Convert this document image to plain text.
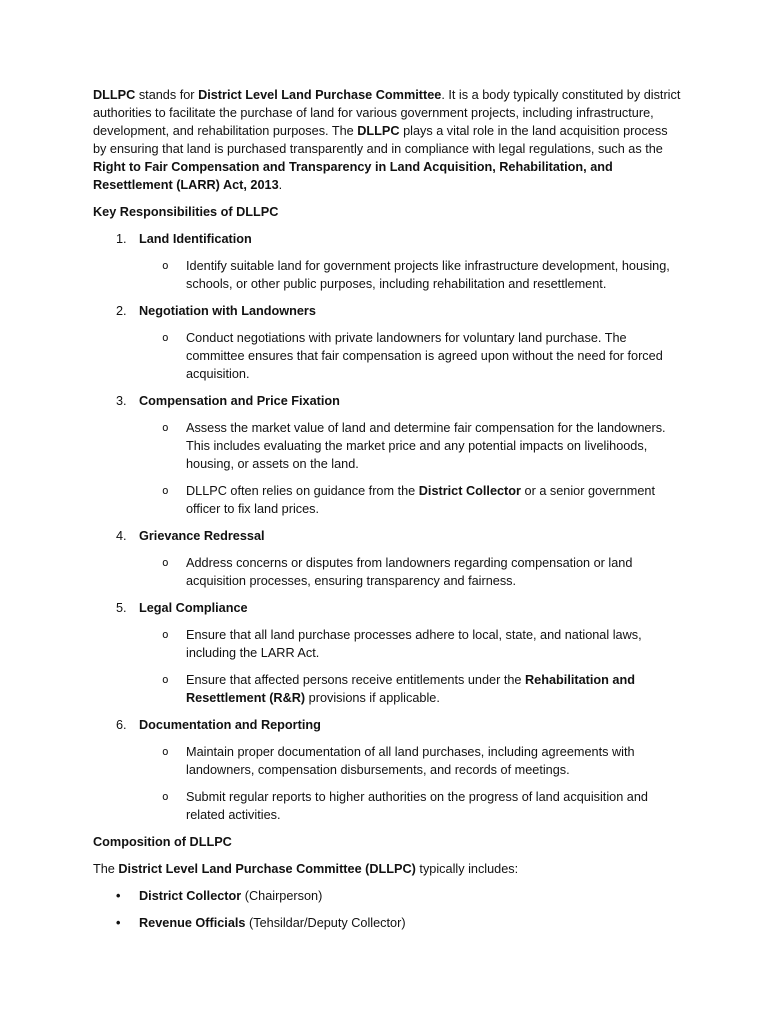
DLLPC stands for District Level Land Purchase Committee. It is a body typically constituted by district authorities to facilitate the purchase of land for various government projects, including infrastructure, development, and rehabilitation purposes. The DLLPC plays a vital role in the land acquisition process by ensuring that land is purchased transparently and in compliance with legal regulations, such as the Right to Fair Compensation and Transparency in Land Acquisition, Rehabilitation, and Resettlement (LARR) Act, 2013.

Key Responsibilities of DLLPC

1. Land Identification

o Identify suitable land for government projects like infrastructure development, housing, schools, or other public purposes, including rehabilitation and resettlement.

2. Negotiation with Landowners

o Conduct negotiations with private landowners for voluntary land purchase. The committee ensures that fair compensation is agreed upon without the need for forced acquisition.

3. Compensation and Price Fixation

o Assess the market value of land and determine fair compensation for the landowners. This includes evaluating the market price and any potential impacts on livelihoods, housing, or assets on the land.

o DLLPC often relies on guidance from the District Collector or a senior government officer to fix land prices.

4. Grievance Redressal

o Address concerns or disputes from landowners regarding compensation or land acquisition processes, ensuring transparency and fairness.

5. Legal Compliance

o Ensure that all land purchase processes adhere to local, state, and national laws, including the LARR Act.

o Ensure that affected persons receive entitlements under the Rehabilitation and Resettlement (R&R) provisions if applicable.

6. Documentation and Reporting

o Maintain proper documentation of all land purchases, including agreements with landowners, compensation disbursements, and records of meetings.

o Submit regular reports to higher authorities on the progress of land acquisition and related activities.

Composition of DLLPC

The District Level Land Purchase Committee (DLLPC) typically includes:

• District Collector (Chairperson)

• Revenue Officials (Tehsildar/Deputy Collector)
